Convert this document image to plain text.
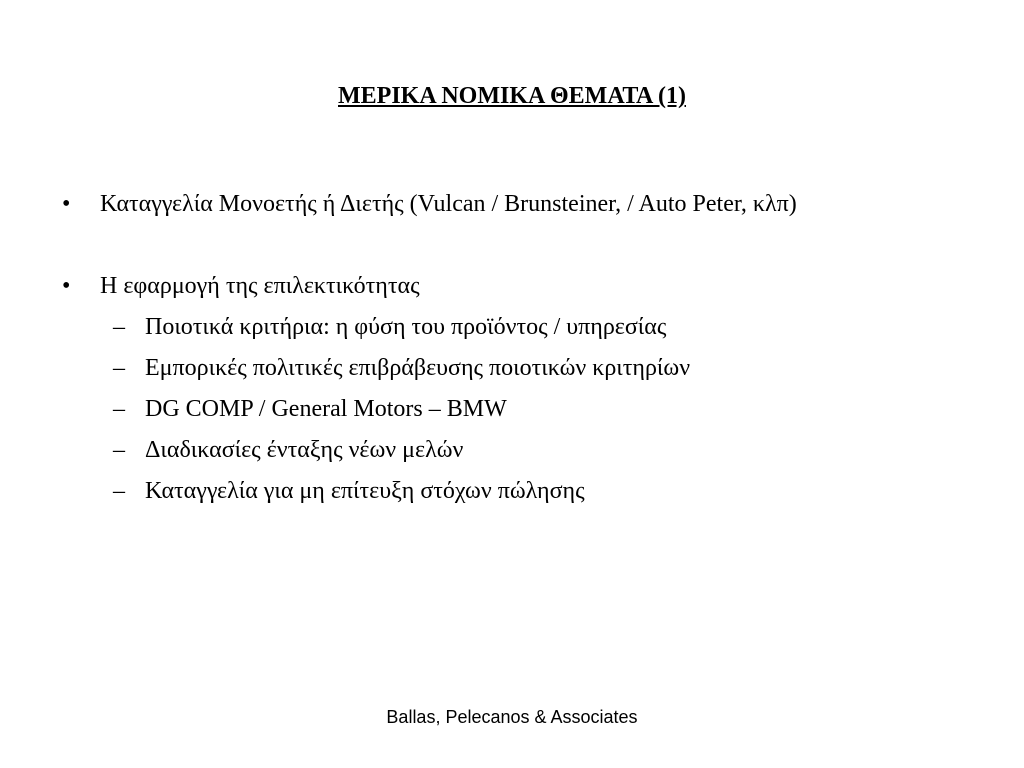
ΜΕΡΙΚΑ ΝΟΜΙΚΑ ΘΕΜΑΤΑ (1)
• Καταγγελία Μονοετής ή Διετής (Vulcan / Brunsteiner, / Auto Peter, κλπ)
• Η εφαρμογή της επιλεκτικότητας
– Ποιοτικά κριτήρια: η φύση του προϊόντος / υπηρεσίας
– Εμπορικές πολιτικές επιβράβευσης ποιοτικών κριτηρίων
– DG COMP / General Motors – BMW
– Διαδικασίες ένταξης νέων μελών
– Καταγγελία για μη επίτευξη στόχων πώλησης
Ballas, Pelecanos & Associates
